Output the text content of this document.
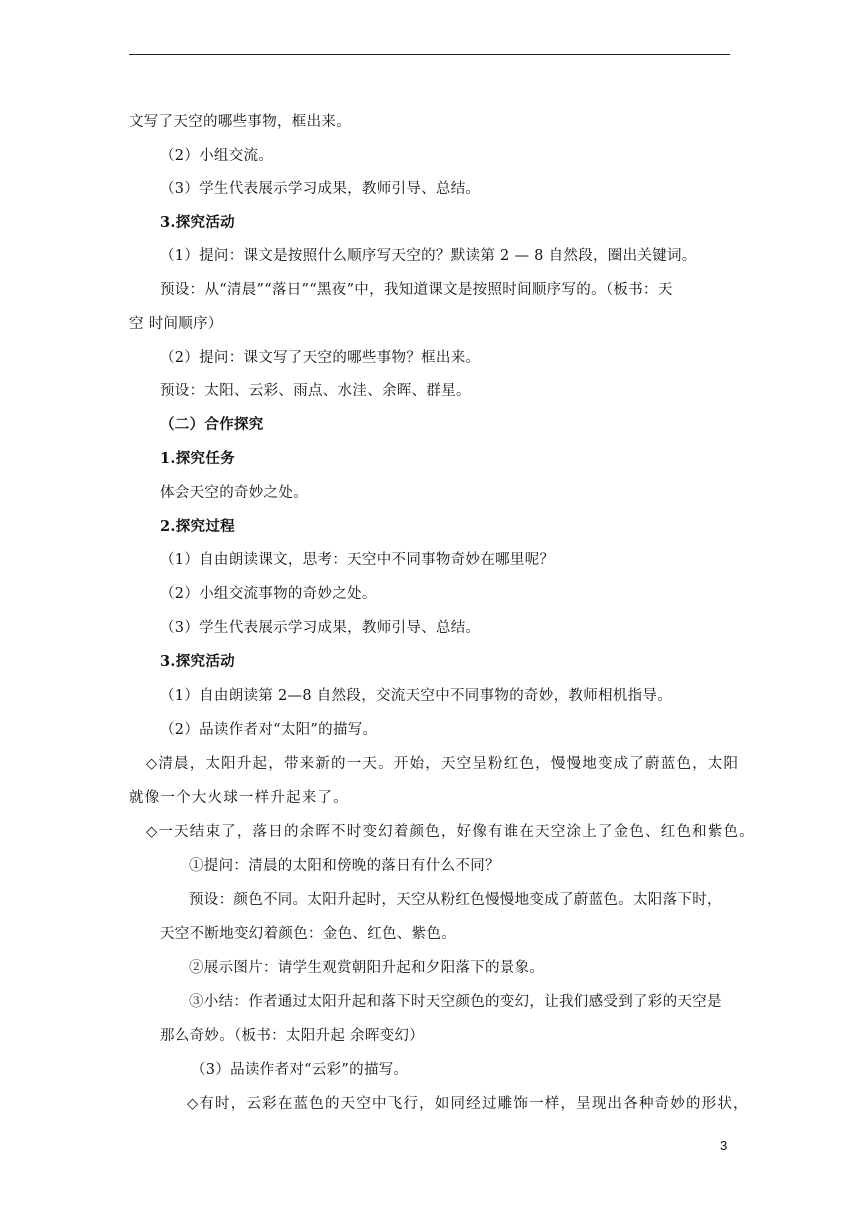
文写了天空的哪些事物，框出来。
（2）小组交流。
（3）学生代表展示学习成果，教师引导、总结。
3.探究活动
（1）提问：课文是按照什么顺序写天空的？默读第 2 — 8 自然段，圈出关键词。
预设：从“清晨”“落日”“黑夜”中，我知道课文是按照时间顺序写的。（板书：天
空 时间顺序）
（2）提问：课文写了天空的哪些事物？框出来。
预设：太阳、云彩、雨点、水洼、余晖、群星。
（二）合作探究
1.探究任务
体会天空的奇妙之处。
2.探究过程
（1）自由朗读课文，思考：天空中不同事物奇妙在哪里呢？
（2）小组交流事物的奇妙之处。
（3）学生代表展示学习成果，教师引导、总结。
3.探究活动
（1）自由朗读第 2—8 自然段，交流天空中不同事物的奇妙，教师相机指导。
（2）品读作者对“太阳”的描写。
◇清晨，太阳升起，带来新的一天。开始，天空呈粉红色，慢慢地变成了蔚蓝色，太阳
就像一个大火球一样升起来了。
◇一天结束了，落日的余晖不时变幻着颜色，好像有谁在天空涂上了金色、红色和紫色。
①提问：清晨的太阳和傍晚的落日有什么不同？
预设：颜色不同。太阳升起时，天空从粉红色慢慢地变成了蔚蓝色。太阳落下时，
天空不断地变幻着颜色：金色、红色、紫色。
②展示图片：请学生观赏朝阳升起和夕阳落下的景象。
③小结：作者通过太阳升起和落下时天空颜色的变幻，让我们感受到了彩的天空是
那么奇妙。（板书：太阳升起 余晖变幻）
（3）品读作者对“云彩”的描写。
◇有时，云彩在蓝色的天空中飞行，如同经过雕饰一样，呈现出各种奇妙的形状，
3
